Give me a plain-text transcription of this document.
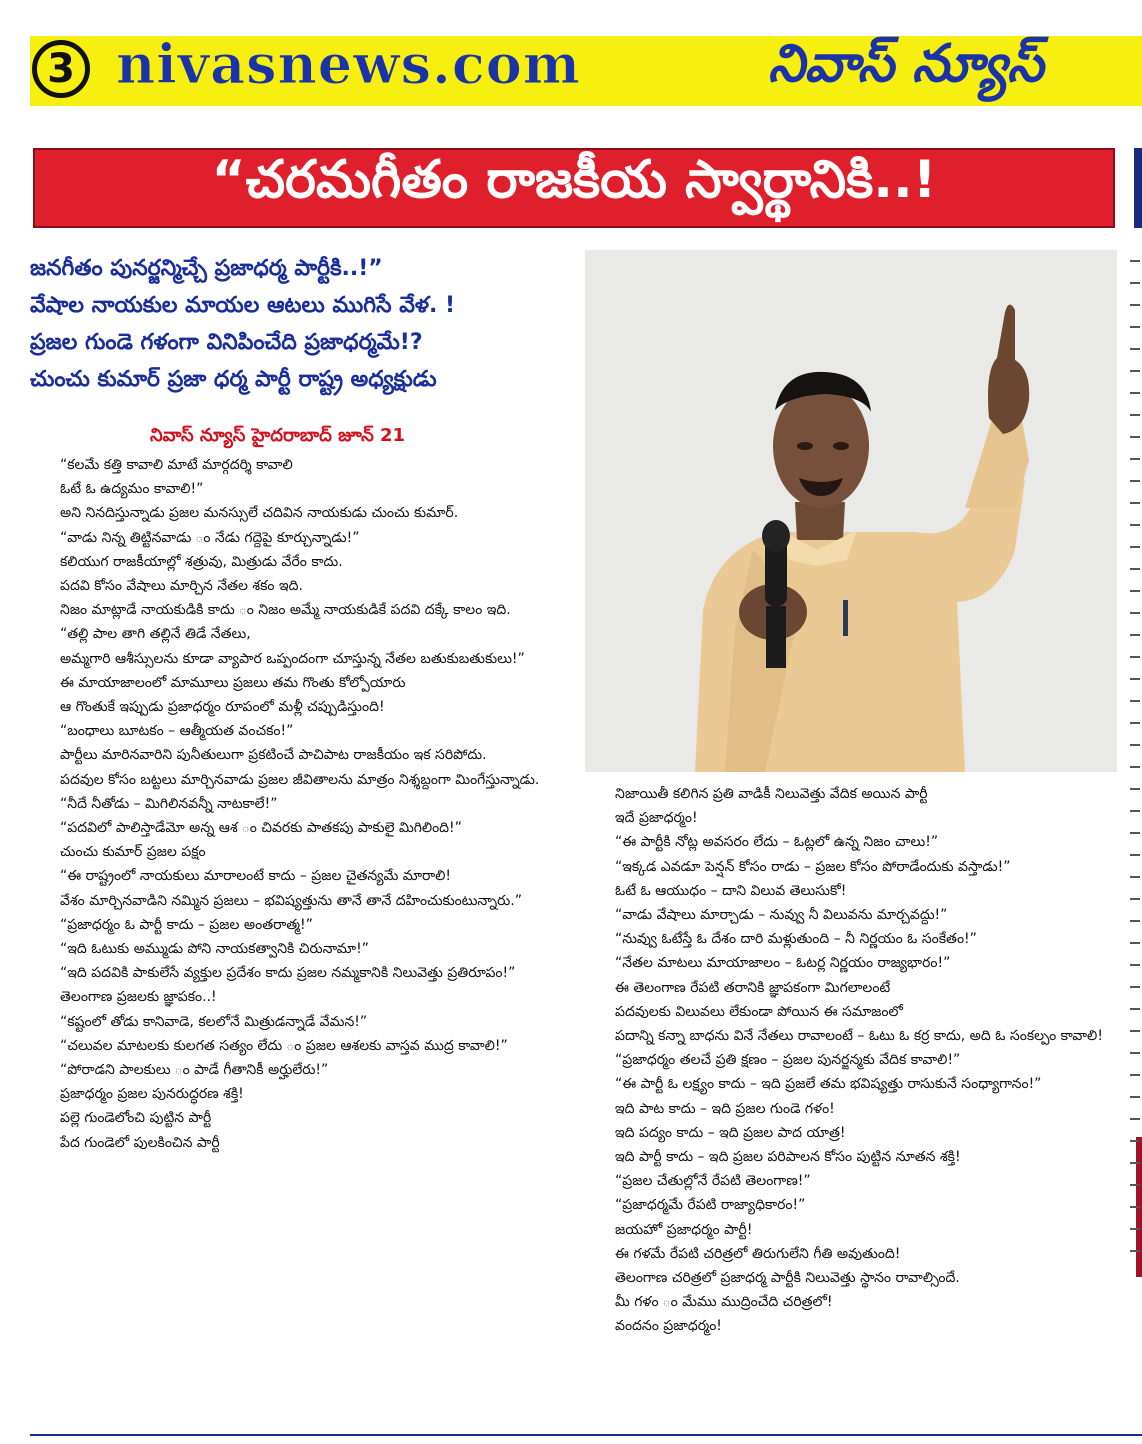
3 nivasnews.com	నివాస్ న్యూస్
“చరమగీతం రాజకీయ స్వార్థానికి..!
జనగీతం పునర్జన్మిచ్చే ప్రజాధర్మ పార్టీకి..!”
వేషాల నాయకుల మాయల ఆటలు ముగిసే వేళ. !
ప్రజల గుండె గళంగా వినిపించేది ప్రజాధర్మమే!?
చుంచు కుమార్ ప్రజా ధర్మ పార్టీ రాష్ట్ర అధ్యక్షుడు
నివాస్ న్యూస్ హైదరాబాద్ జూన్ 21

“కలమే కత్తి కావాలి మాటే మార్గదర్శి కావాలి

ఓటే ఓ ఉద్యమం కావాలి!”

అని నినదిస్తున్నాడు ప్రజల మనస్సులే చదివిన నాయకుడు చుంచు కుమార్.

“వాడు నిన్న తిట్టినవాడు ం నేడు గద్దెపై కూర్చున్నాడు!”

కలియుగ రాజకీయాల్లో శత్రువు, మిత్రుడు వేరేం కాదు.

పదవి కోసం వేషాలు మార్చిన నేతల శకం ఇది.

నిజం మాట్లాడే నాయకుడికి కాదు ం నిజం అమ్మే నాయకుడికే పదవి దక్కే కాలం ఇది.

“తల్లి పాల తాగి తల్లినే తిడే నేతలు,

అమ్మగారి ఆశీస్సులను కూడా వ్యాపార ఒప్పందంగా చూస్తున్న నేతల బతుకుబతుకులు!”

ఈ మాయాజాలంలో మామూలు ప్రజలు తమ గొంతు కోల్పోయారు

ఆ గొంతుకే ఇప్పుడు ప్రజాధర్మం రూపంలో మళ్లీ చప్పుడిస్తుంది!

“బంధాలు బూటకం – ఆత్మీయత వంచకం!”

పార్టీలు మారినవారిని పునీతులుగా ప్రకటించే పాచిపాట రాజకీయం ఇక సరిపోదు.

పదవుల కోసం బట్టలు మార్చినవాడు ప్రజల జీవితాలను మాత్రం నిశ్శబ్దంగా మింగేస్తున్నాడు.

“నీదే నీతోడు – మిగిలినవన్నీ నాటకాలే!”

“పదవిలో పాలిస్తాడేమో అన్న ఆశ ం చివరకు పాతకపు పాకులై మిగిలింది!”

చుంచు కుమార్ ప్రజల పక్షం

“ఈ రాష్ట్రంలో నాయకులు మారాలంటే కాదు – ప్రజల చైతన్యమే మారాలి!

వేశం మార్చినవాడిని నమ్మిన ప్రజలు – భవిష్యత్తును తానే తానే దహించుకుంటున్నారు.”

“ప్రజాధర్మం ఓ పార్టీ కాదు – ప్రజల అంతరాత్మ!”

“ఇది ఓటుకు అమ్ముడు పోని నాయకత్వానికి చిరునామా!”

“ఇది పదవికి పాకులేసే వ్యక్తుల ప్రదేశం కాదు ప్రజల నమ్మకానికి నిలువెత్తు ప్రతిరూపం!”

తెలంగాణ ప్రజలకు జ్ఞాపకం..!

“కష్టంలో తోడు కానివాడె, కలలోనే మిత్రుడన్నాడే వేమన!”

“చలువల మాటలకు కులగత సత్యం లేదు ం ప్రజల ఆశలకు వాస్తవ ముద్ర కావాలి!”

“పోరాడని పాలకులు ం పాడే గీతానికీ అర్హులేరు!”

ప్రజాధర్మం ప్రజల పునరుద్ధరణ శక్తి!

పల్లె గుండెలోంచి పుట్టిన పార్టీ

పేద గుండెలో పులకించిన పార్టీ

నిజాయితీ కలిగిన ప్రతి వాడికీ నిలువెత్తు వేదిక అయిన పార్టీ

ఇదే ప్రజాధర్మం!

“ఈ పార్టీకి నోట్ల అవసరం లేదు – ఓట్లలో ఉన్న నిజం చాలు!”

“ఇక్కడ ఎవడూ పెన్షన్ కోసం రాడు – ప్రజల కోసం పోరాడేందుకు వస్తాడు!”

ఓటే ఓ ఆయుధం – దాని విలువ తెలుసుకో!

“వాడు వేషాలు మార్చాడు – నువ్వు నీ విలువను మార్చవద్దు!”

“నువ్వు ఓటేస్తే ఓ దేశం దారి మళ్లుతుంది – నీ నిర్ణయం ఓ సంకేతం!”

“నేతల మాటలు మాయాజాలం – ఓటర్ల నిర్ణయం రాజ్యభారం!”

ఈ తెలంగాణ రేపటి తరానికి జ్ఞాపకంగా మిగలాలంటే

పదవులకు విలువలు లేకుండా పోయిన ఈ సమాజంలో

పదాన్ని కన్నా బాధను వినే నేతలు రావాలంటే – ఓటు ఓ కర్ర కాదు, అది ఓ సంకల్పం కావాలి!

“ప్రజాధర్మం తలచే ప్రతి క్షణం – ప్రజల పునర్జన్మకు వేదిక కావాలి!”

“ఈ పార్టీ ఓ లక్ష్యం కాదు – ఇది ప్రజలే తమ భవిష్యత్తు రాసుకునే సంధ్యాగానం!”

ఇది పాట కాదు – ఇది ప్రజల గుండె గళం!

ఇది పద్యం కాదు – ఇది ప్రజల పాద యాత్ర!

ఇది పార్టీ కాదు – ఇది ప్రజల పరిపాలన కోసం పుట్టిన నూతన శక్తి!

“ప్రజల చేతుల్లోనే రేపటి తెలంగాణ!”

“ప్రజాధర్మమే రేపటి రాజ్యాధికారం!”

జయహో ప్రజాధర్మం పార్టీ!

ఈ గళమే రేపటి చరిత్రలో తిరుగులేని గీతి అవుతుంది!

తెలంగాణ చరిత్రలో ప్రజాధర్మ పార్టీకి నిలువెత్తు స్థానం రావాల్సిందే.

మీ గళం ం మేము ముద్రించేది చరిత్రలో!

వందనం ప్రజాధర్మం!
